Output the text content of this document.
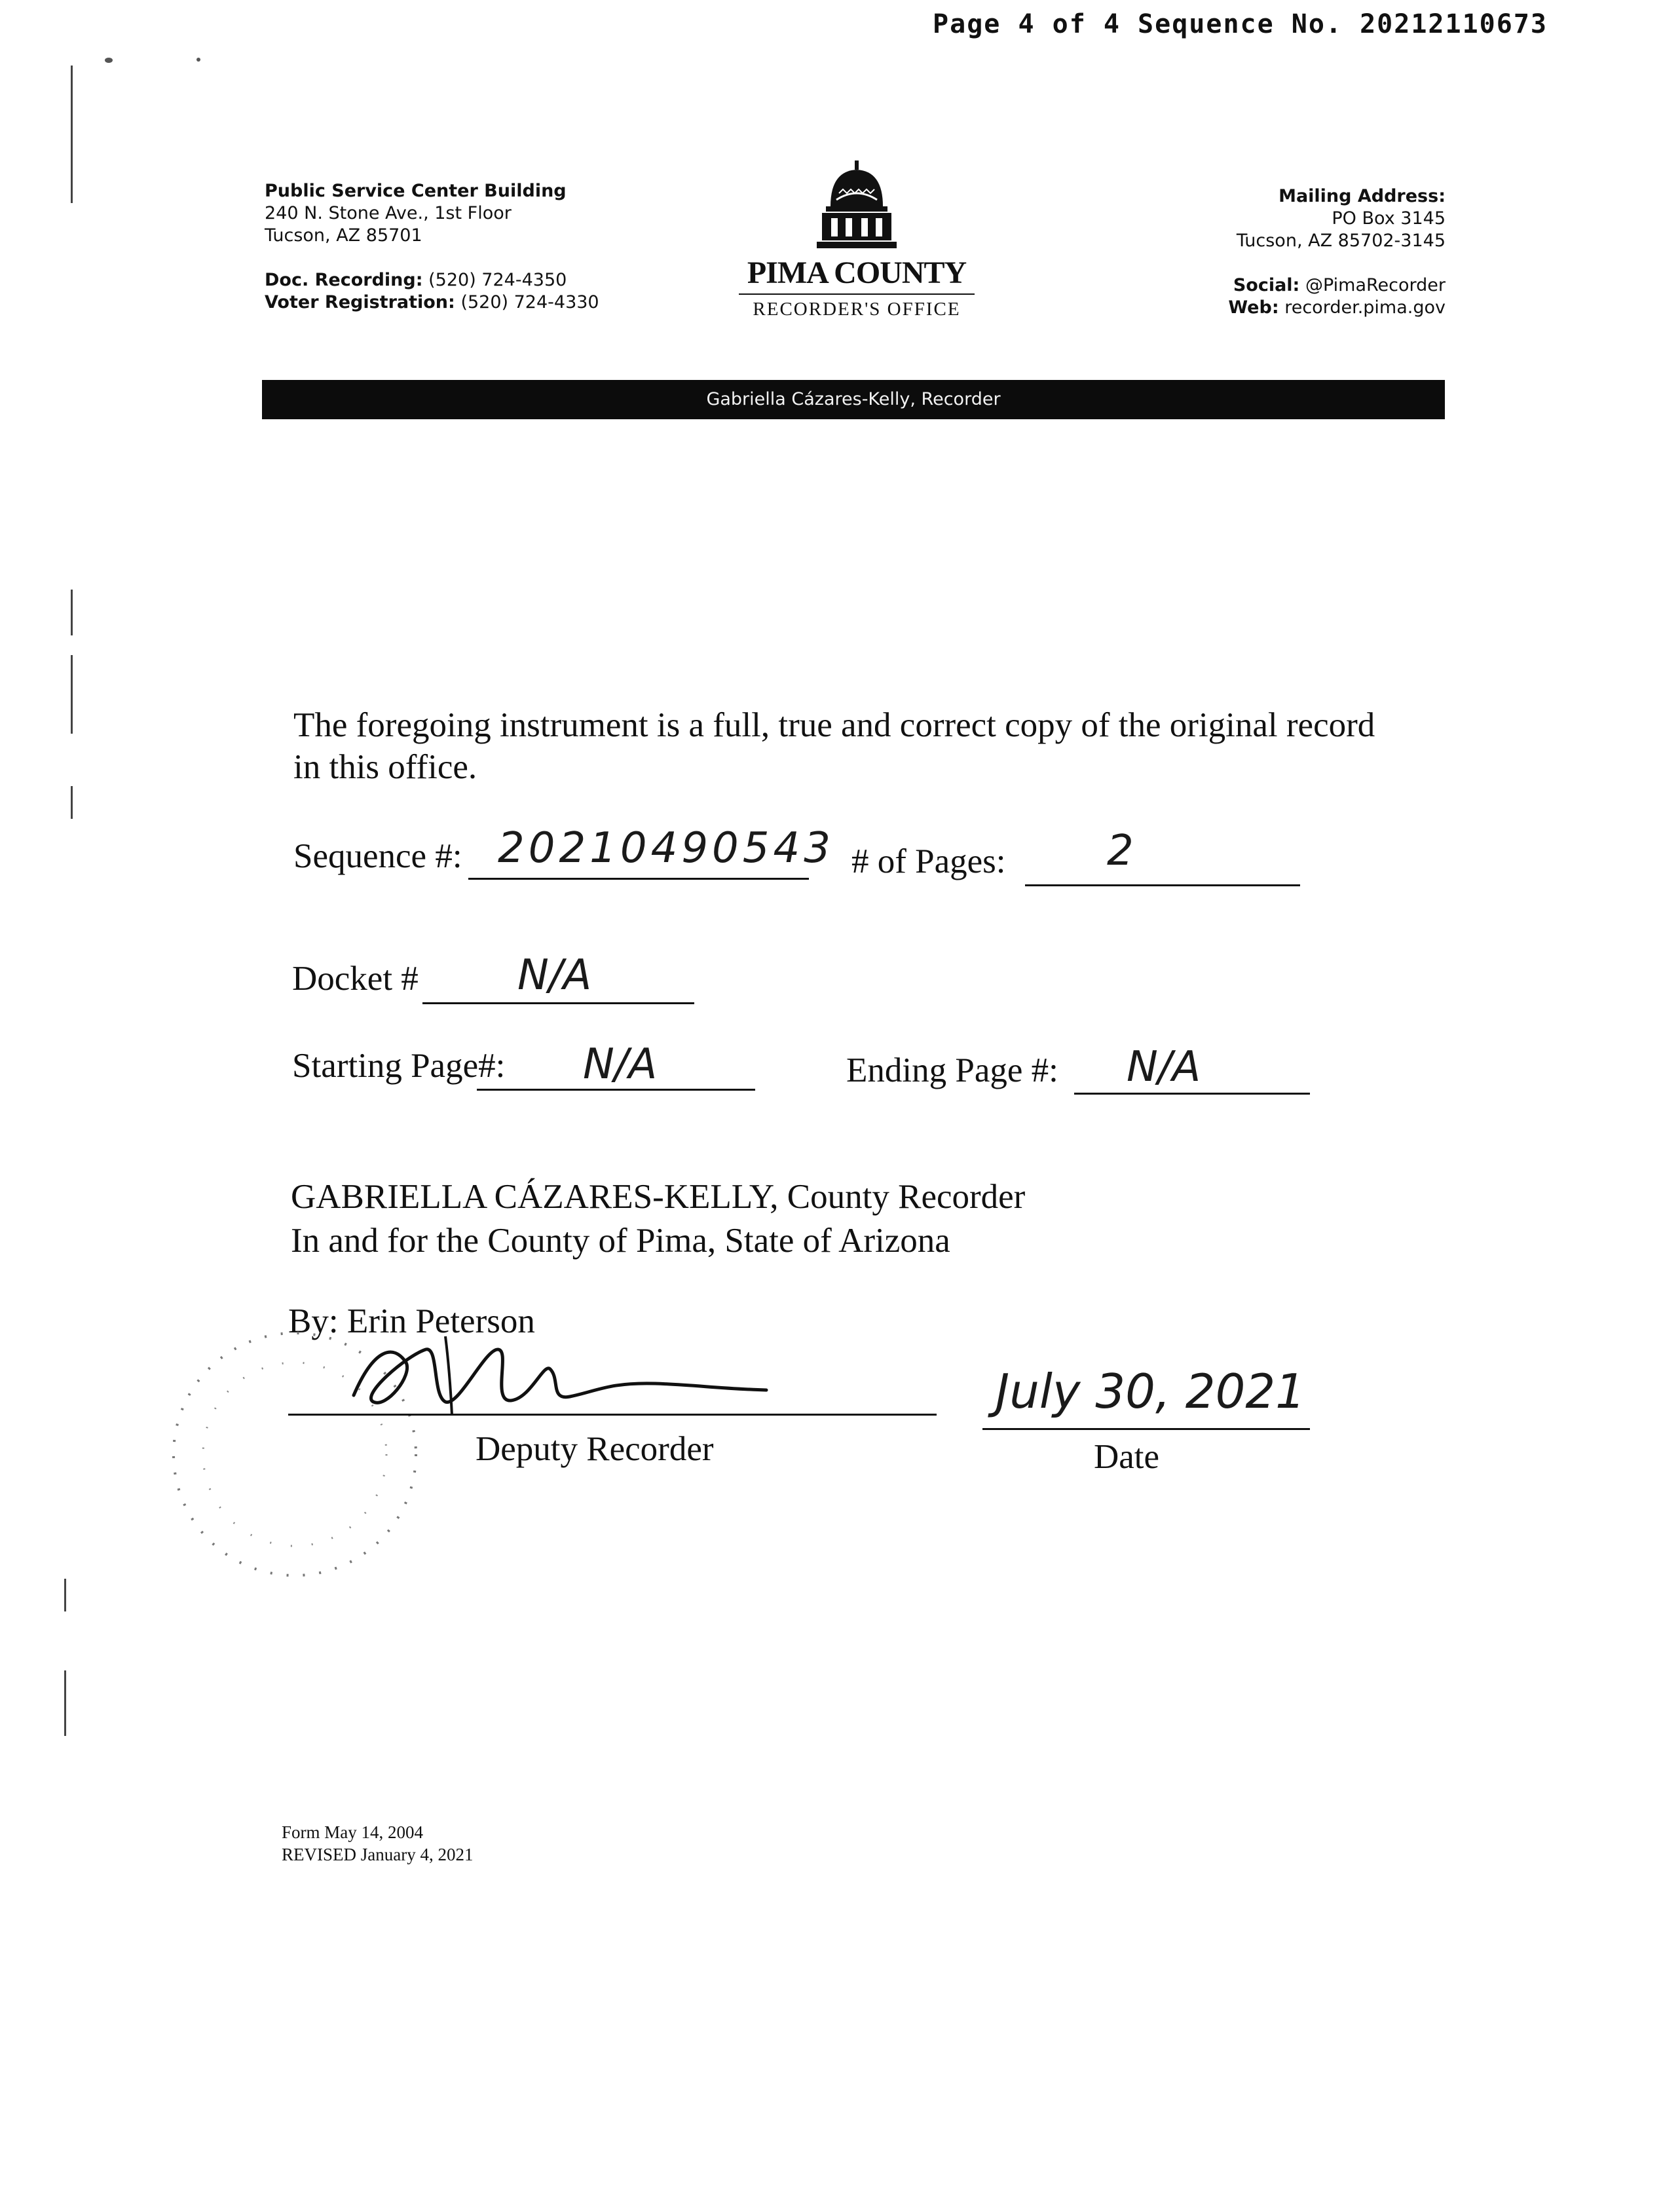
Page 4 of 4 Sequence No. 20212110673
Public Service Center Building
240 N. Stone Ave., 1st Floor
Tucson, AZ 85701
Doc. Recording: (520) 724-4350
Voter Registration: (520) 724-4330
PIMA COUNTY
RECORDER'S OFFICE
Mailing Address:
PO Box 3145
Tucson, AZ 85702-3145
Social: @PimaRecorder
Web: recorder.pima.gov
Gabriella Cázares-Kelly, Recorder
The foregoing instrument is a full, true and correct copy of the original record in this office.
Sequence #: 20210490543 # of Pages: 2
Docket # N/A
Starting Page#: N/A	Ending Page #: N/A
GABRIELLA CÁZARES-KELLY, County Recorder
In and for the County of Pima, State of Arizona
By: Erin Peterson
Deputy Recorder
July 30, 2021
Date
Form May 14, 2004
REVISED January 4, 2021
